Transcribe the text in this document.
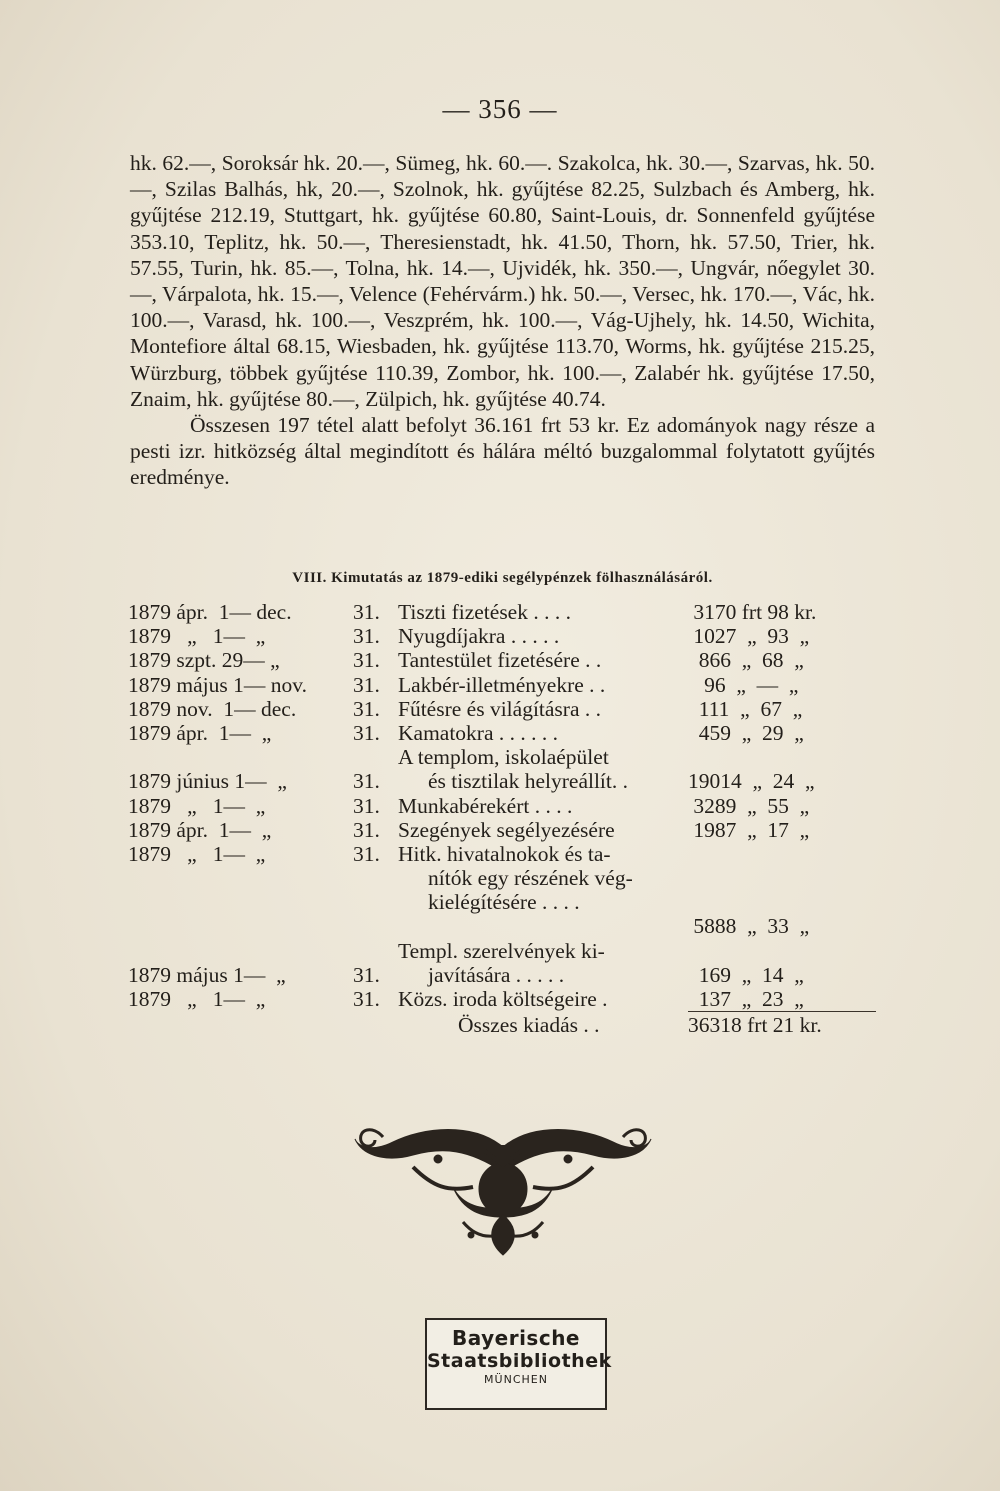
— 356 —

hk. 62.—, Soroksár hk. 20.—, Sümeg, hk. 60.—. Szakolca, hk. 30.—, Szarvas, hk. 50.—, Szilas Balhás, hk, 20.—, Szolnok, hk. gyűjtése 82.25, Sulzbach és Amberg, hk. gyűjtése 212.19, Stuttgart, hk. gyűjtése 60.80, Saint-Louis, dr. Sonnenfeld gyűjtése 353.10, Teplitz, hk. 50.—, Theresienstadt, hk. 41.50, Thorn, hk. 57.50, Trier, hk. 57.55, Turin, hk. 85.—, Tolna, hk. 14.—, Ujvidék, hk. 350.—, Ungvár, nőegylet 30.—, Várpalota, hk. 15.—, Velence (Fehérvárm.) hk. 50.—, Versec, hk. 170.—, Vác, hk. 100.—, Varasd, hk. 100.—, Veszprém, hk. 100.—, Vág-Ujhely, hk. 14.50, Wichita, Montefiore által 68.15, Wiesbaden, hk. gyűjtése 113.70, Worms, hk. gyűjtése 215.25, Würzburg, többek gyűjtése 110.39, Zombor, hk. 100.—, Zalabér hk. gyűjtése 17.50, Znaim, hk. gyűjtése 80.—, Zülpich, hk. gyűjtése 40.74.

Összesen 197 tétel alatt befolyt 36.161 frt 53 kr. Ez adományok nagy része a pesti izr. hitközség által megindított és hálára méltó buzgalommal folytatott gyűjtés eredménye.

VIII. Kimutatás az 1879-ediki segélypénzek fölhasználásáról.
1879 ápr.  1— dec.	31. Tiszti fizetések . . . .	3170 frt 98 kr.
1879   „   1—  „	31. Nyugdíjakra . . . . .	1027  „  93  „
1879 szpt. 29— „	31. Tantestület fizetésére . .	866  „  68  „
1879 május 1— nov.	31. Lakbér-illetményekre . .	96  „  —  „
1879 nov.  1— dec.	31. Fűtésre és világításra . .	111  „  67  „
1879 ápr.  1—  „	31. Kamatokra . . . . . .	459  „  29  „
1879 június 1—  „	31.
A templom, iskolaépület
és tisztilak helyreállít. .	19014  „  24  „
1879   „   1—  „	31. Munkabérekért . . . .	3289  „  55  „
1879 ápr.  1—  „	31. Szegények segélyezésére	1987  „  17  „
1879   „   1—  „	31. Hitk. hivatalnokok és ta-
nítók egy részének vég-
kielégítésére . . . .
5888  „  33  „
1879 május 1—  „	31.
Templ. szerelvények ki-
javítására . . . . .	169  „  14  „
1879   „   1—  „	31. Közs. iroda költségeire .	137  „  23  „
Összes kiadás . .	36318 frt 21 kr.
Bayerische
Staatsbibliothek
MÜNCHEN
